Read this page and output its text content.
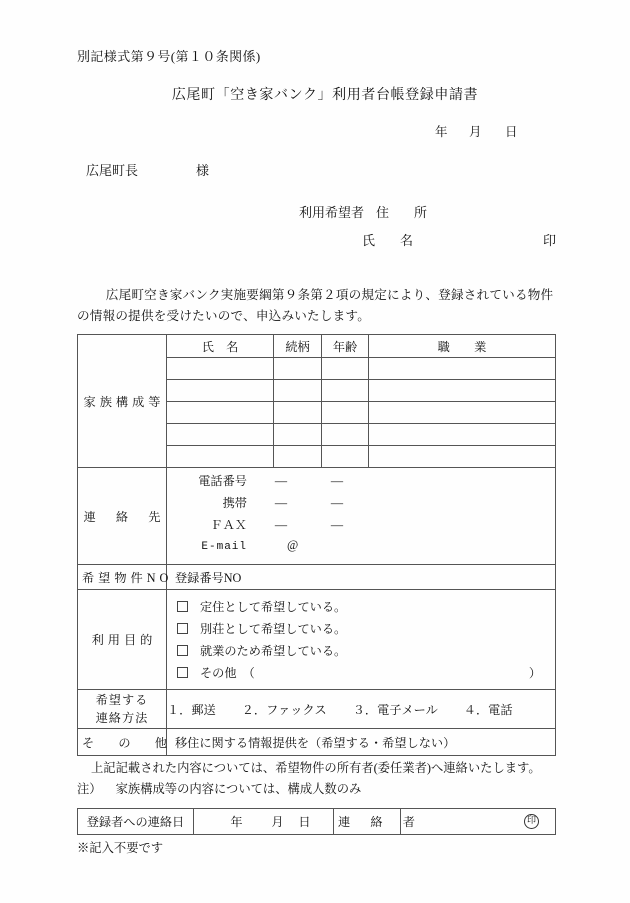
別記様式第９号(第１０条関係)
広尾町「空き家バンク」利用者台帳登録申請書
年 月 日
広尾町長	様
利用希望者 住　所
氏　名	印
　広尾町空き家バンク実施要綱第９条第２項の規定により、登録されている物件の情報の提供を受けたいので、申込みいたします。
家族構成等	氏　名	続柄	年齢	職　　業

連　絡　先	
電話番号	—	—
携帯	—	—
ＦＡＸ	—	—
E-mail	@

希望物件NO	登録番号NO			
利用目的	定住として希望している。
別荘として希望している。
就業のため希望している。
その他　（ ）			

希望する
連絡方法	１．郵送 ２．ファックス ３．電子メール ４．電話			
そ　の　他	移住に関する情報提供を（希望する・希望しない）			
上記記載された内容については、希望物件の所有者(委任業者)へ連絡いたします。
注） 家族構成等の内容については、構成人数のみ
登録者への連絡日	年 月 日	連　絡　者	印
※記入不要です
